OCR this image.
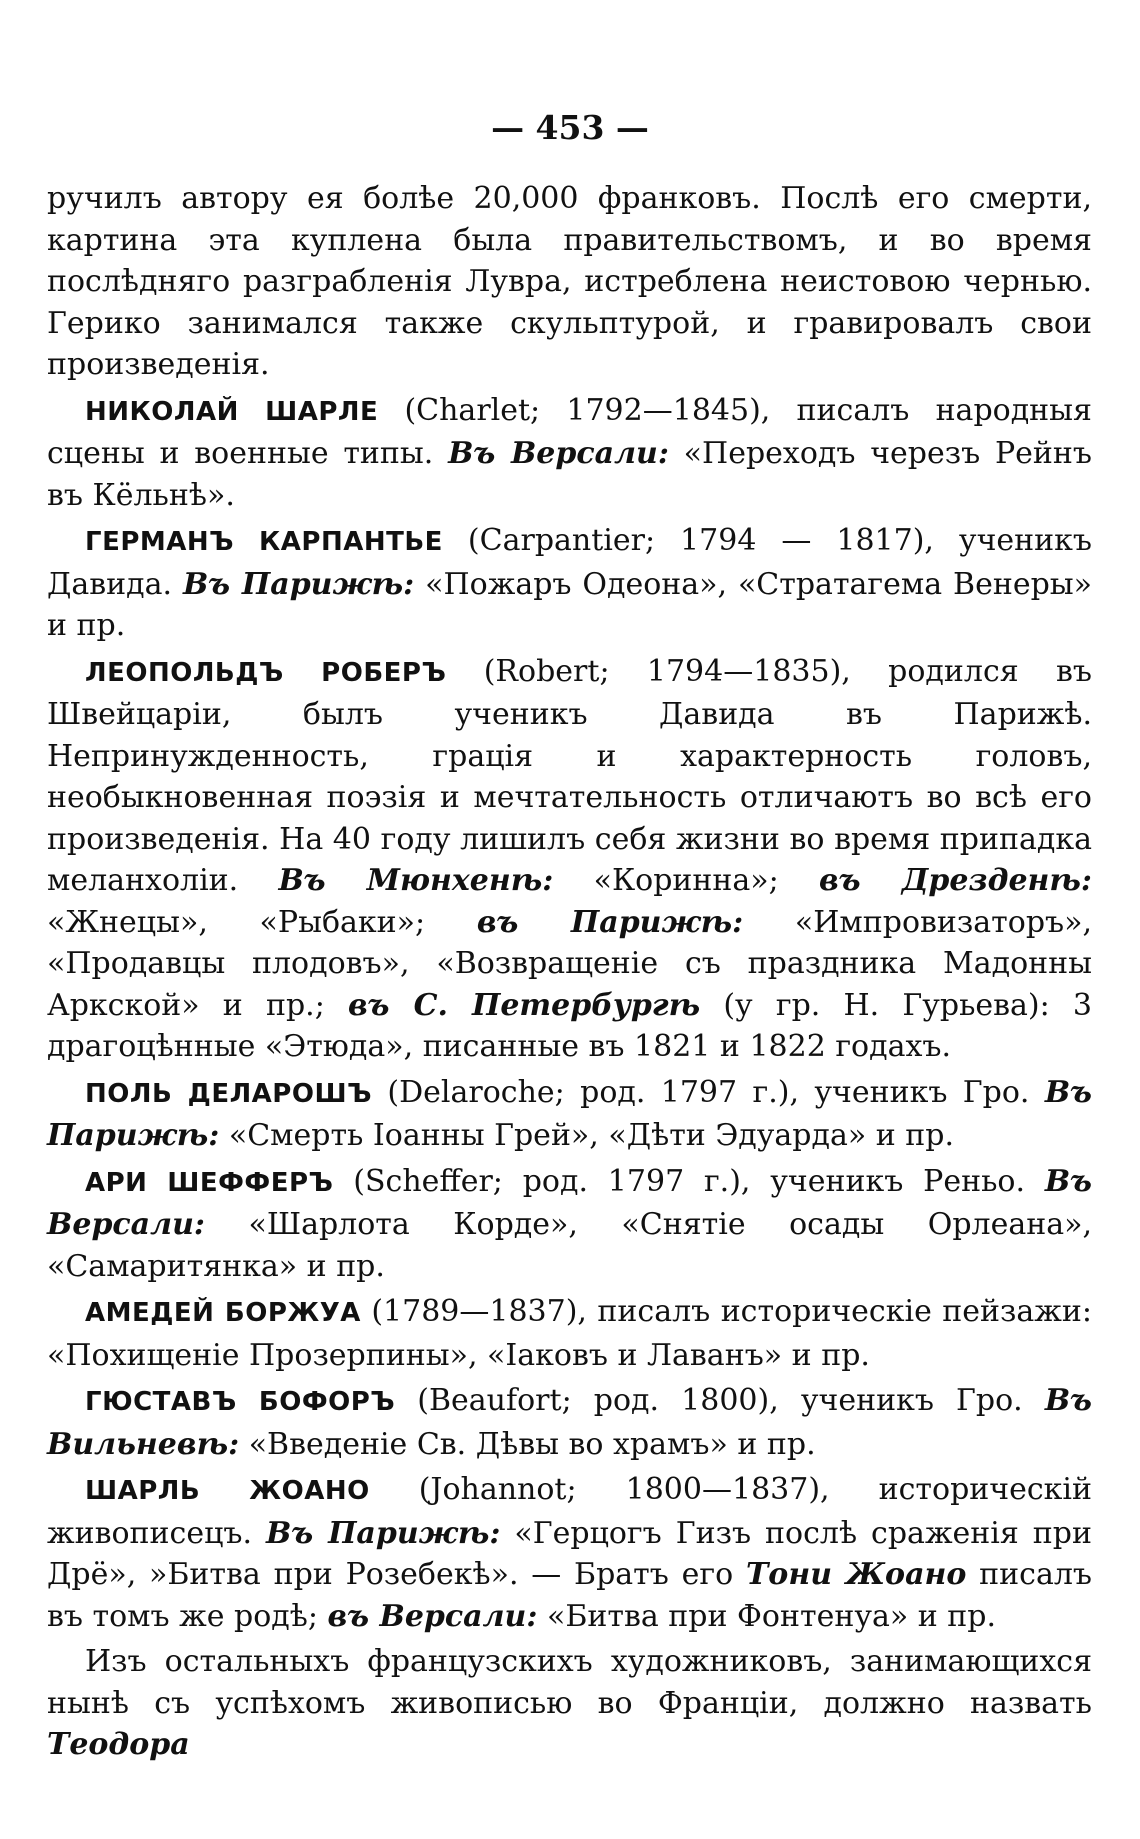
— 453 —

ручилъ автору ея болѣе 20,000 франковъ. Послѣ его смерти, картина эта куплена была правительствомъ, и во время послѣдняго разграбленія Лувра, истреблена неистовою чернью. Герико занимался также скульптурой, и гравировалъ свои произведенія.

НИКОЛАЙ ШАРЛЕ (Charlet; 1792—1845), писалъ народныя сцены и военные типы. Въ Версали: «Переходъ черезъ Рейнъ въ Кёльнѣ».

ГЕРМАНЪ КАРПАНТЬЕ (Carpantier; 1794 — 1817), ученикъ Давида. Въ Парижѣ: «Пожаръ Одеона», «Стратагема Венеры» и пр.

ЛЕОПОЛЬДЪ РОБЕРЪ (Robert; 1794—1835), родился въ Швейцаріи, былъ ученикъ Давида въ Парижѣ. Непринужденность, грація и характерность головъ, необыкновенная поэзія и мечтательность отличаютъ во всѣ его произведенія. На 40 году лишилъ себя жизни во время припадка меланхоліи. Въ Мюнхенѣ: «Коринна»; въ Дрезденѣ: «Жнецы», «Рыбаки»; въ Парижѣ: «Импровизаторъ», «Продавцы плодовъ», «Возвращеніе съ праздника Мадонны Аркской» и пр.; въ С. Петербургѣ (у гр. Н. Гурьева): 3 драгоцѣнные «Этюда», писанные въ 1821 и 1822 годахъ.

ПОЛЬ ДЕЛАРОШЪ (Delaroche; род. 1797 г.), ученикъ Гро. Въ Парижѣ: «Смерть Іоанны Грей», «Дѣти Эдуарда» и пр.

АРИ ШЕФФЕРЪ (Scheffer; род. 1797 г.), ученикъ Реньо. Въ Версали: «Шарлота Корде», «Снятіе осады Орлеана», «Самаритянка» и пр.

АМЕДЕЙ БОРЖУА (1789—1837), писалъ историческіе пейзажи: «Похищеніе Прозерпины», «Іаковъ и Лаванъ» и пр.

ГЮСТАВЪ БОФОРЪ (Beaufort; род. 1800), ученикъ Гро. Въ Вильневѣ: «Введеніе Св. Дѣвы во храмъ» и пр.

ШАРЛЬ ЖОАНО (Johannot; 1800—1837), историческій живописецъ. Въ Парижѣ: «Герцогъ Гизъ послѣ сраженія при Дрё», »Битва при Розебекѣ». — Братъ его Тони Жоано писалъ въ томъ же родѣ; въ Версали: «Битва при Фонтенуа» и пр.

Изъ остальныхъ французскихъ художниковъ, занимающихся нынѣ съ успѣхомъ живописью во Франціи, должно назвать Теодора
